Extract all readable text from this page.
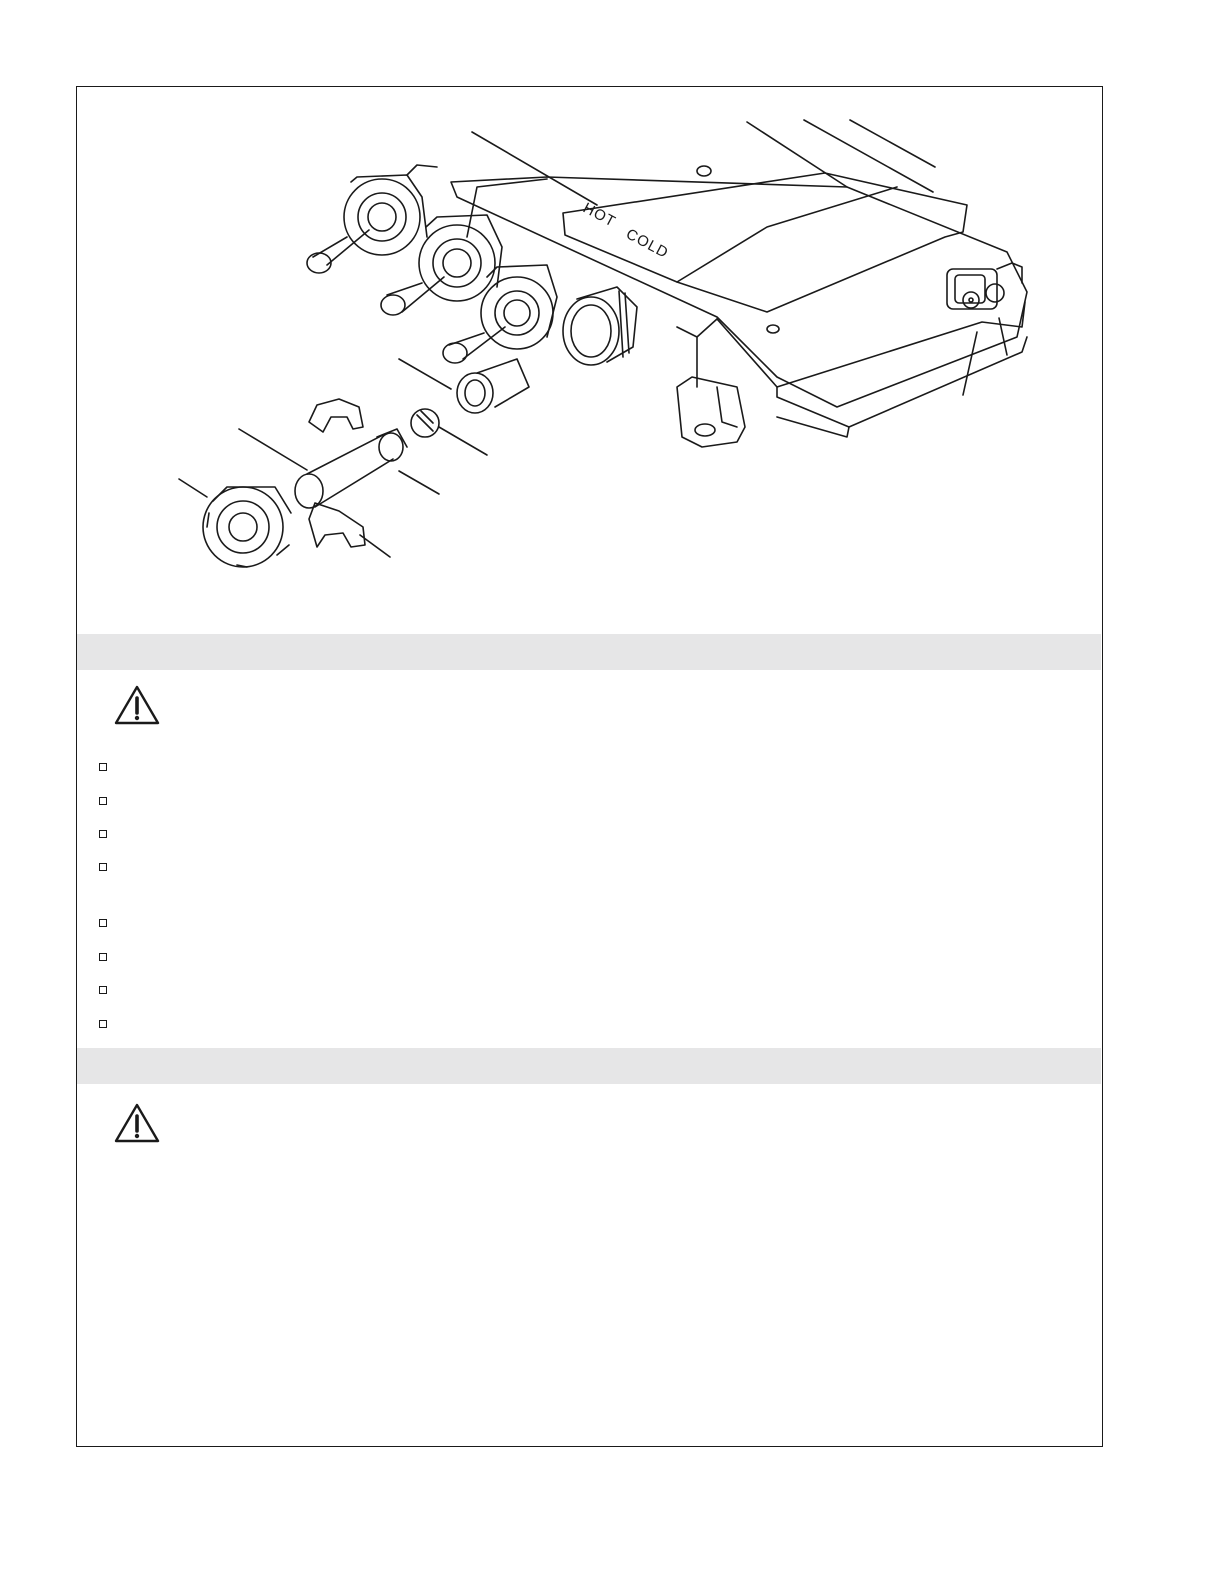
HOT
COLD
